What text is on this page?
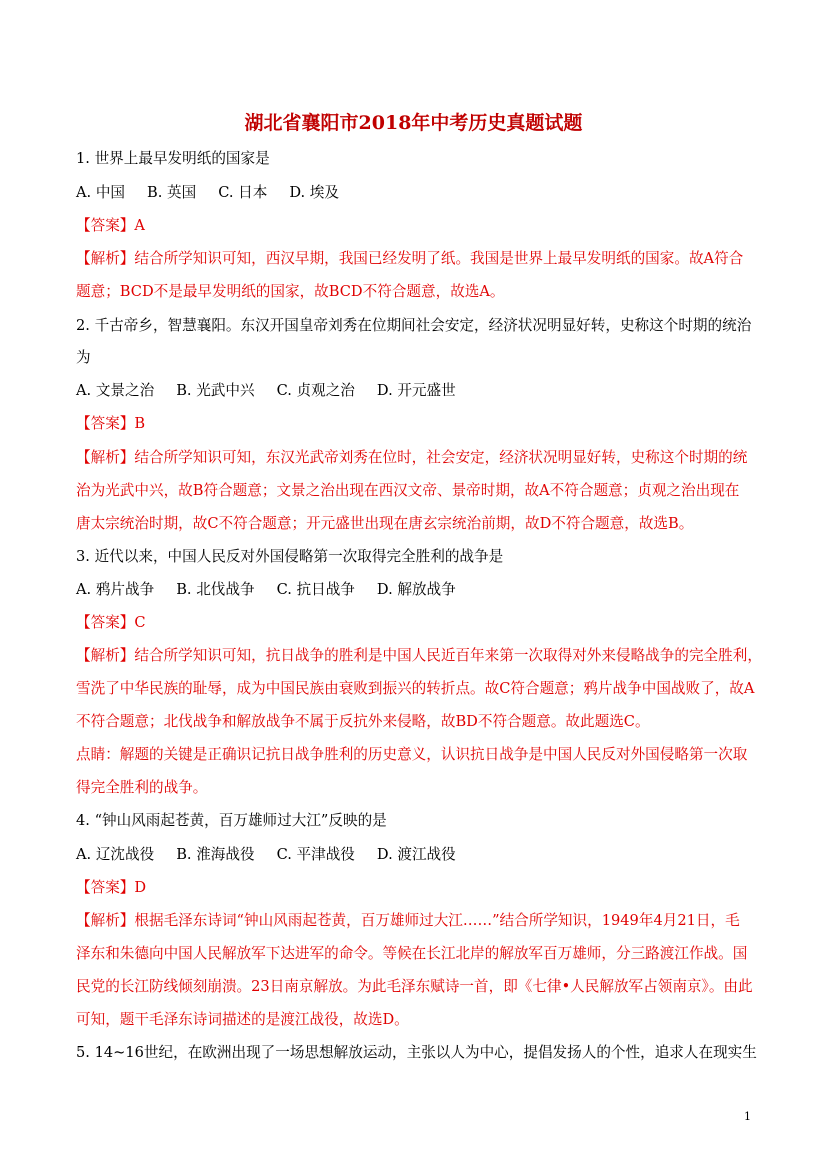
湖北省襄阳市2018年中考历史真题试题
1. 世界上最早发明纸的国家是
A. 中国 B. 英国 C. 日本 D. 埃及
【答案】A
【解析】结合所学知识可知，西汉早期，我国已经发明了纸。我国是世界上最早发明纸的国家。故A符合
题意；BCD不是最早发明纸的国家，故BCD不符合题意，故选A。
2. 千古帝乡，智慧襄阳。东汉开国皇帝刘秀在位期间社会安定，经济状况明显好转，史称这个时期的统治
为
A. 文景之治 B. 光武中兴 C. 贞观之治 D. 开元盛世
【答案】B
【解析】结合所学知识可知，东汉光武帝刘秀在位时，社会安定，经济状况明显好转，史称这个时期的统
治为光武中兴，故B符合题意；文景之治出现在西汉文帝、景帝时期，故A不符合题意；贞观之治出现在
唐太宗统治时期，故C不符合题意；开元盛世出现在唐玄宗统治前期，故D不符合题意，故选B。
3. 近代以来，中国人民反对外国侵略第一次取得完全胜利的战争是
A. 鸦片战争 B. 北伐战争 C. 抗日战争 D. 解放战争
【答案】C
【解析】结合所学知识可知，抗日战争的胜利是中国人民近百年来第一次取得对外来侵略战争的完全胜利，
雪洗了中华民族的耻辱，成为中国民族由衰败到振兴的转折点。故C符合题意；鸦片战争中国战败了，故A
不符合题意；北伐战争和解放战争不属于反抗外来侵略，故BD不符合题意。故此题选C。
点睛：解题的关键是正确识记抗日战争胜利的历史意义，认识抗日战争是中国人民反对外国侵略第一次取
得完全胜利的战争。
4. “钟山风雨起苍黄，百万雄师过大江”反映的是
A. 辽沈战役 B. 淮海战役 C. 平津战役 D. 渡江战役
【答案】D
【解析】根据毛泽东诗词“钟山风雨起苍黄，百万雄师过大江……”结合所学知识，1949年4月21日，毛
泽东和朱德向中国人民解放军下达进军的命令。等候在长江北岸的解放军百万雄师，分三路渡江作战。国
民党的长江防线倾刻崩溃。23日南京解放。为此毛泽东赋诗一首，即《七律•人民解放军占领南京》。由此
可知，题干毛泽东诗词描述的是渡江战役，故选D。
5. 14~16世纪，在欧洲出现了一场思想解放运动，主张以人为中心，提倡发扬人的个性，追求人在现实生
1
